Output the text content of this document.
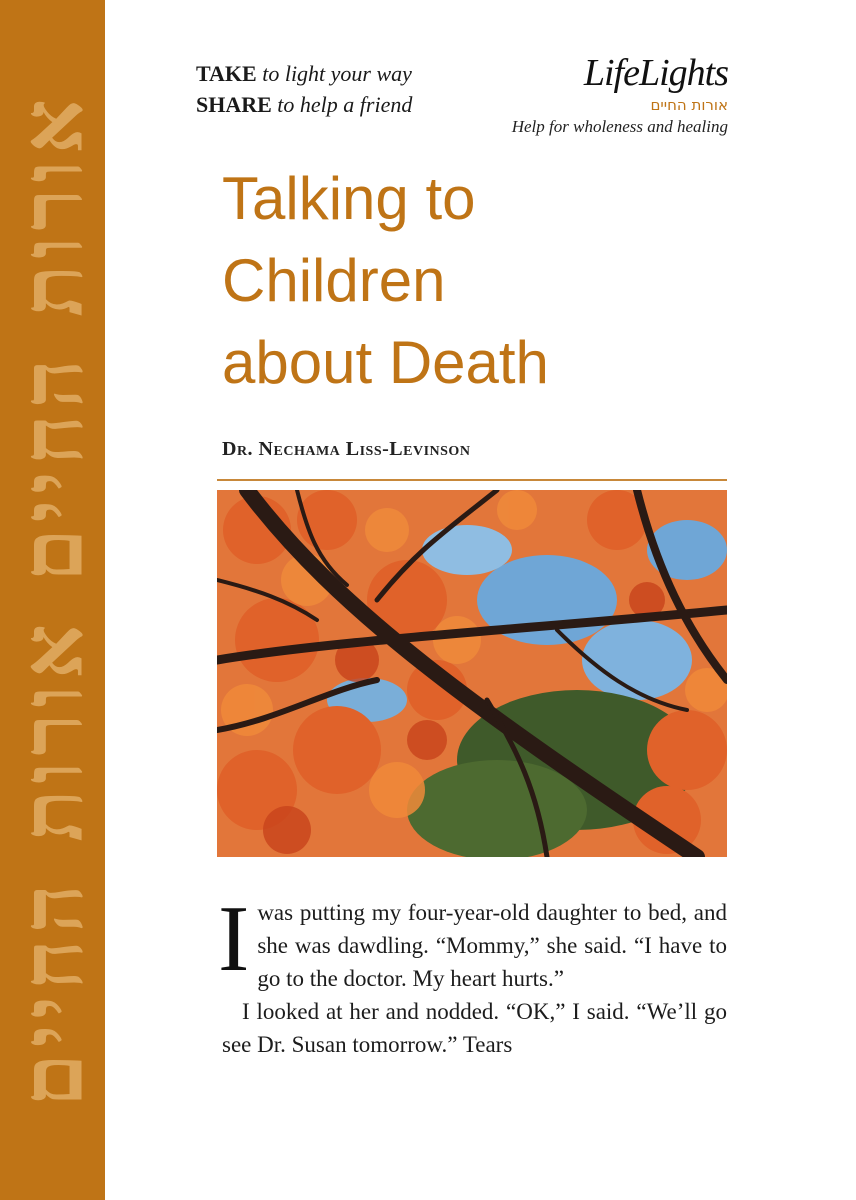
אורות החיים אורות החיים
TAKE to light your way
SHARE to help a friend
LifeLights
אורות החיים
Help for wholeness and healing
Talking to
Children
about Death
Dr. Nechama Liss-Levinson
I was putting my four-year-old daughter to bed, and she was dawdling. “Mommy,” she said. “I have to go to the doctor. My heart hurts.”

I looked at her and nodded. “OK,” I said. “We’ll go see Dr. Susan tomorrow.” Tears
